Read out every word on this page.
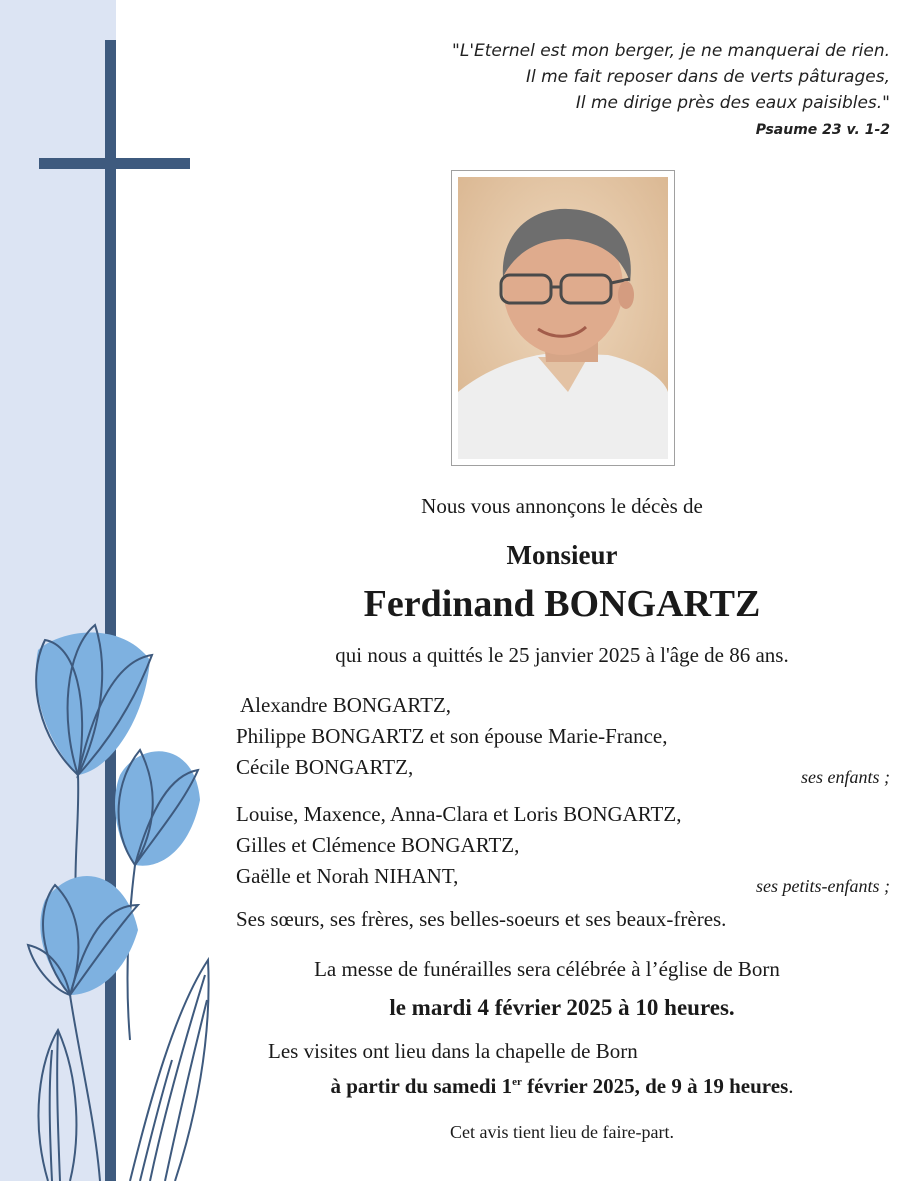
"L'Eternel est mon berger, je ne manquerai de rien.
Il me fait reposer dans de verts pâturages,
Il me dirige près des eaux paisibles."
Psaume 23 v. 1-2
Nous vous annonçons le décès de
Monsieur
Ferdinand BONGARTZ
qui nous a quittés le 25 janvier 2025 à l'âge de 86 ans.
Alexandre BONGARTZ,
Philippe BONGARTZ et son épouse Marie-France,
Cécile BONGARTZ,	ses enfants ;
Louise, Maxence, Anna-Clara et Loris BONGARTZ,
Gilles et Clémence BONGARTZ,
Gaëlle et Norah NIHANT,	ses petits-enfants ;
Ses sœurs, ses frères, ses belles-soeurs et ses beaux-frères.
La messe de funérailles sera célébrée à l’église de Born
le mardi 4 février 2025 à 10 heures.
Les visites ont lieu dans la chapelle de Born
à partir du samedi 1er février 2025, de 9 à 19 heures.
Cet avis tient lieu de faire-part.
